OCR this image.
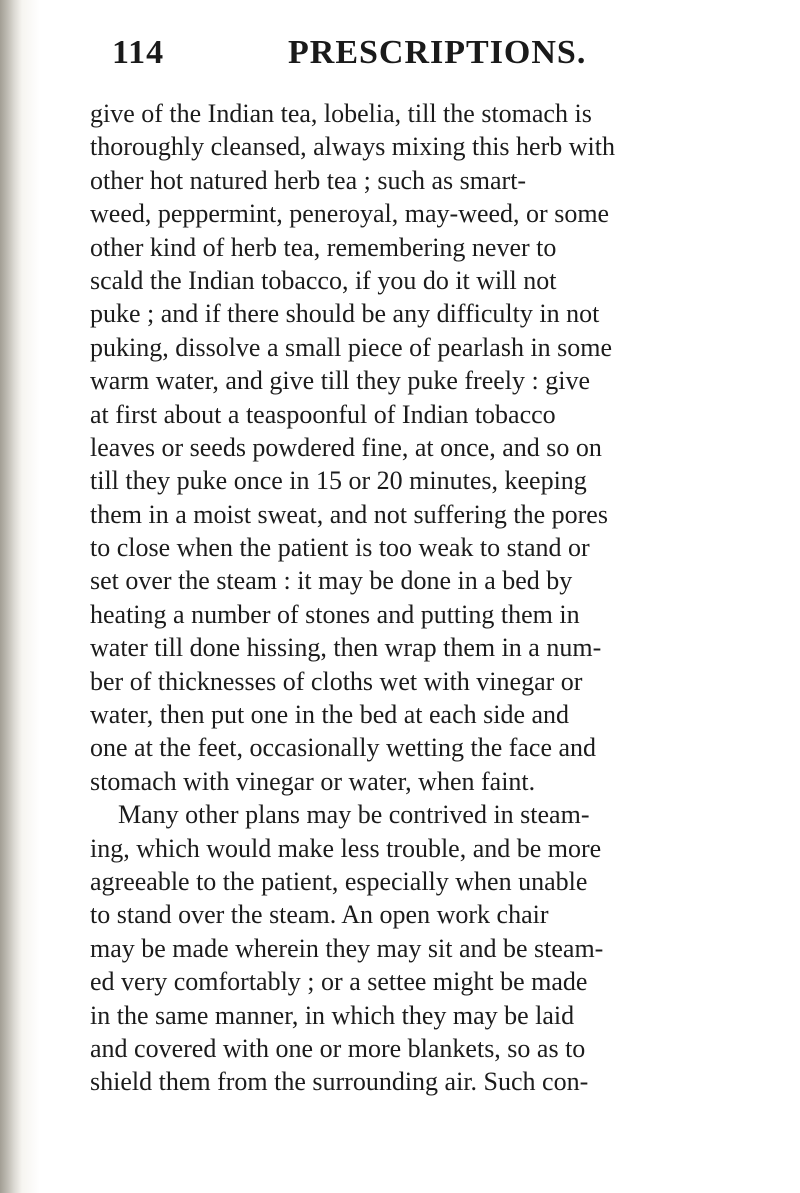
114	PRESCRIPTIONS.
give of the Indian tea, lobelia, till the stomach is
thoroughly cleansed, always mixing this herb with
other hot natured herb tea ; such as smart-
weed, peppermint, peneroyal, may-weed, or some
other kind of herb tea, remembering never to
scald the Indian tobacco, if you do it will not
puke ; and if there should be any difficulty in not
puking, dissolve a small piece of pearlash in some
warm water, and give till they puke freely : give
at first about a teaspoonful of Indian tobacco
leaves or seeds powdered fine, at once, and so on
till they puke once in 15 or 20 minutes, keeping
them in a moist sweat, and not suffering the pores
to close when the patient is too weak to stand or
set over the steam : it may be done in a bed by
heating a number of stones and putting them in
water till done hissing, then wrap them in a num-
ber of thicknesses of cloths wet with vinegar or
water, then put one in the bed at each side and
one at the feet, occasionally wetting the face and
stomach with vinegar or water, when faint.
Many other plans may be contrived in steam-
ing, which would make less trouble, and be more
agreeable to the patient, especially when unable
to stand over the steam. An open work chair
may be made wherein they may sit and be steam-
ed very comfortably ; or a settee might be made
in the same manner, in which they may be laid
and covered with one or more blankets, so as to
shield them from the surrounding air. Such con-
